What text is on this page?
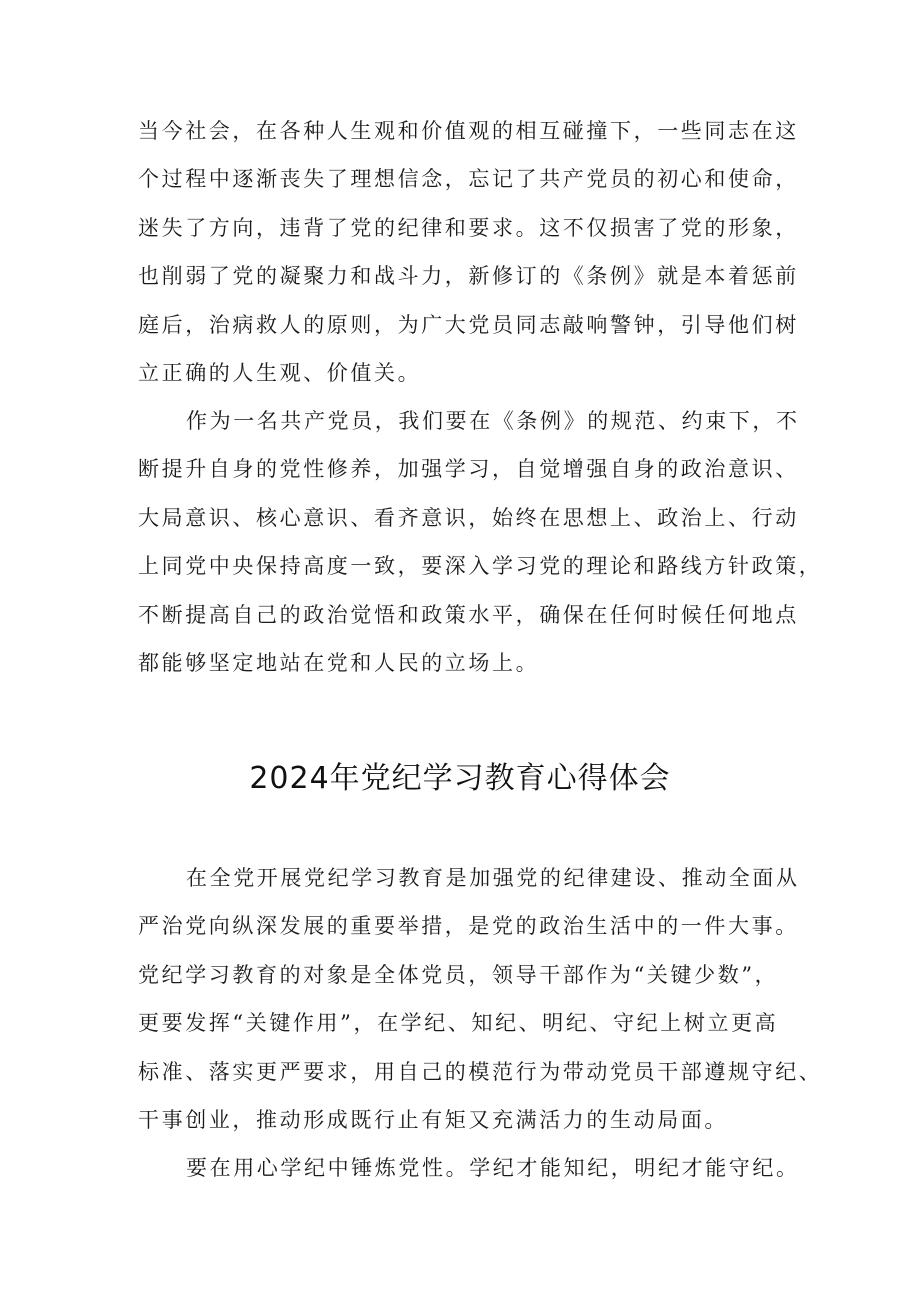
当今社会，在各种人生观和价值观的相互碰撞下，一些同志在这
个过程中逐渐丧失了理想信念，忘记了共产党员的初心和使命，
迷失了方向，违背了党的纪律和要求。这不仅损害了党的形象，
也削弱了党的凝聚力和战斗力，新修订的《条例》就是本着惩前
庭后，治病救人的原则，为广大党员同志敲响警钟，引导他们树
立正确的人生观、价值关。
作为一名共产党员，我们要在《条例》的规范、约束下，不
断提升自身的党性修养，加强学习，自觉增强自身的政治意识、
大局意识、核心意识、看齐意识，始终在思想上、政治上、行动
上同党中央保持高度一致，要深入学习党的理论和路线方针政策，
不断提高自己的政治觉悟和政策水平，确保在任何时候任何地点
都能够坚定地站在党和人民的立场上。
2024年党纪学习教育心得体会
在全党开展党纪学习教育是加强党的纪律建设、推动全面从
严治党向纵深发展的重要举措，是党的政治生活中的一件大事。
党纪学习教育的对象是全体党员，领导干部作为“关键少数”，
更要发挥“关键作用”，在学纪、知纪、明纪、守纪上树立更高
标准、落实更严要求，用自己的模范行为带动党员干部遵规守纪、
干事创业，推动形成既行止有矩又充满活力的生动局面。
要在用心学纪中锤炼党性。学纪才能知纪，明纪才能守纪。
